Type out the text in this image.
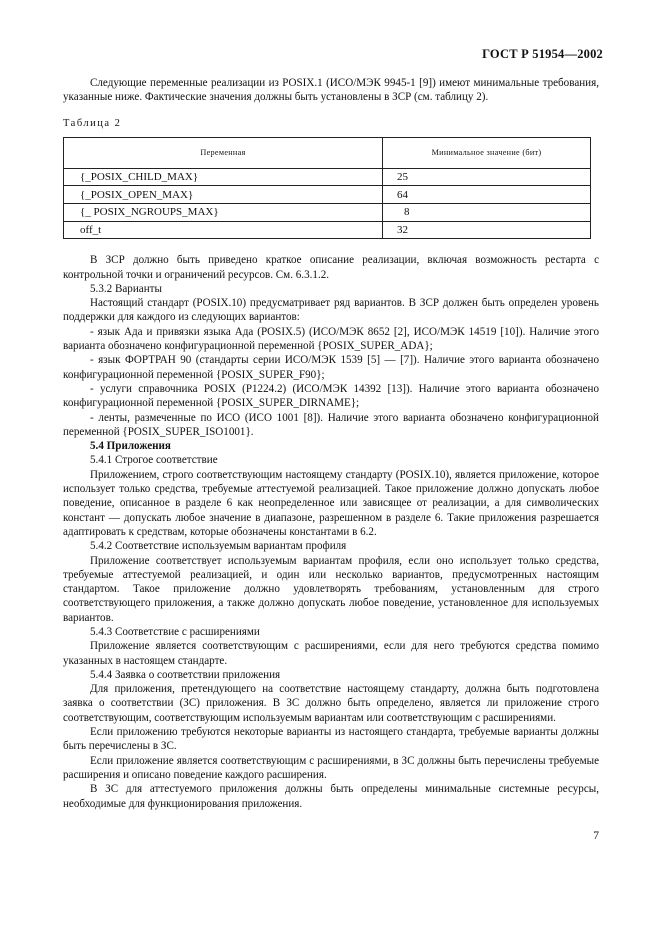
ГОСТ Р 51954—2002

Следующие переменные реализации из POSIX.1 (ИСО/МЭК 9945-1 [9]) имеют минимальные требования, указанные ниже. Фактические значения должны быть установлены в ЗСР (см. таблицу 2).

Таблица 2

Переменная	Минимальное значение (бит)
{_POSIX_CHILD_MAX}	25
{_POSIX_OPEN_MAX}	64
{_ POSIX_NGROUPS_MAX}	8
off_t	32

В ЗСР должно быть приведено краткое описание реализации, включая возможность рестарта с контрольной точки и ограничений ресурсов. См. 6.3.1.2.

5.3.2 Варианты

Настоящий стандарт (POSIX.10) предусматривает ряд вариантов. В ЗСР должен быть определен уровень поддержки для каждого из следующих вариантов:

- язык Ада и привязки языка Ада (POSIX.5) (ИСО/МЭК 8652 [2], ИСО/МЭК 14519 [10]). Наличие этого варианта обозначено конфигурационной переменной {POSIX_SUPER_ADA};

- язык ФОРТРАН 90 (стандарты серии ИСО/МЭК 1539 [5] — [7]). Наличие этого варианта обозначено конфигурационной переменной {POSIX_SUPER_F90};

- услуги справочника POSIX (P1224.2) (ИСО/МЭК 14392 [13]). Наличие этого варианта обозначено конфигурационной переменной {POSIX_SUPER_DIRNAME};

- ленты, размеченные по ИСО (ИСО 1001 [8]). Наличие этого варианта обозначено конфигурационной переменной {POSIX_SUPER_ISO1001}.

5.4 Приложения

5.4.1 Строгое соответствие

Приложением, строго соответствующим настоящему стандарту (POSIX.10), является приложение, которое использует только средства, требуемые аттестуемой реализацией. Такое приложение должно допускать любое поведение, описанное в разделе 6 как неопределенное или зависящее от реализации, а для символических констант — допускать любое значение в диапазоне, разрешенном в разделе 6. Такие приложения разрешается адаптировать к средствам, которые обозначены константами в 6.2.

5.4.2 Соответствие используемым вариантам профиля

Приложение соответствует используемым вариантам профиля, если оно использует только средства, требуемые аттестуемой реализацией, и один или несколько вариантов, предусмотренных настоящим стандартом. Такое приложение должно удовлетворять требованиям, установленным для строго соответствующего приложения, а также должно допускать любое поведение, установленное для используемых вариантов.

5.4.3 Соответствие с расширениями

Приложение является соответствующим с расширениями, если для него требуются средства помимо указанных в настоящем стандарте.

5.4.4 Заявка о соответствии приложения

Для приложения, претендующего на соответствие настоящему стандарту, должна быть подготовлена заявка о соответствии (ЗС) приложения. В ЗС должно быть определено, является ли приложение строго соответствующим, соответствующим используемым вариантам или соответствующим с расширениями.

Если приложению требуются некоторые варианты из настоящего стандарта, требуемые варианты должны быть перечислены в ЗС.

Если приложение является соответствующим с расширениями, в ЗС должны быть перечислены требуемые расширения и описано поведение каждого расширения.

В ЗС для аттестуемого приложения должны быть определены минимальные системные ресурсы, необходимые для функционирования приложения.

7
